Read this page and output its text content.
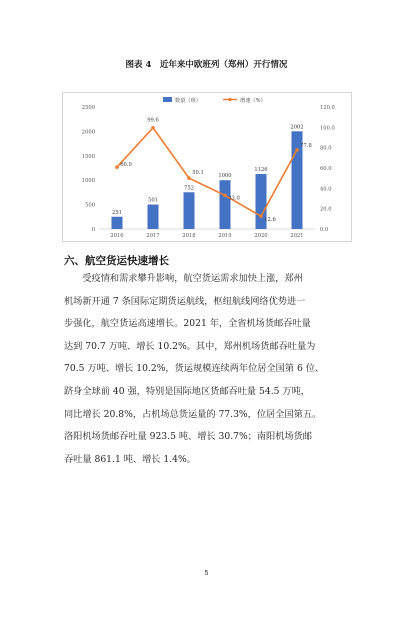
图表 4　近年来中欧班列（郑州）开行情况
0
500
1000
1500
2000
2500
0.0
20.0
40.0
60.0
80.0
100.0
120.0
251
501
752
1000
1126
2002
2016	2017	2018	2019	2020	2021
60.9
99.6
50.1
33.0
12.6
77.8
数量（班）	增速（%）
六、航空货运快速增长
　　受疫情和需求攀升影响，航空货运需求加快上涨，郑州
机场新开通 7 条国际定期货运航线，枢纽航线网络优势进一
步强化，航空货运高速增长。2021 年，全省机场货邮吞吐量
达到 70.7 万吨、增长 10.2%。其中，郑州机场货邮吞吐量为
70.5 万吨、增长 10.2%，货运规模连续两年位居全国第 6 位、
跻身全球前 40 强，特别是国际地区货邮吞吐量 54.5 万吨，
同比增长 20.8%，占机场总货运量的 77.3%，位居全国第五。
洛阳机场货邮吞吐量 923.5 吨、增长 30.7%；南阳机场货邮
吞吐量 861.1 吨、增长 1.4%。
5
